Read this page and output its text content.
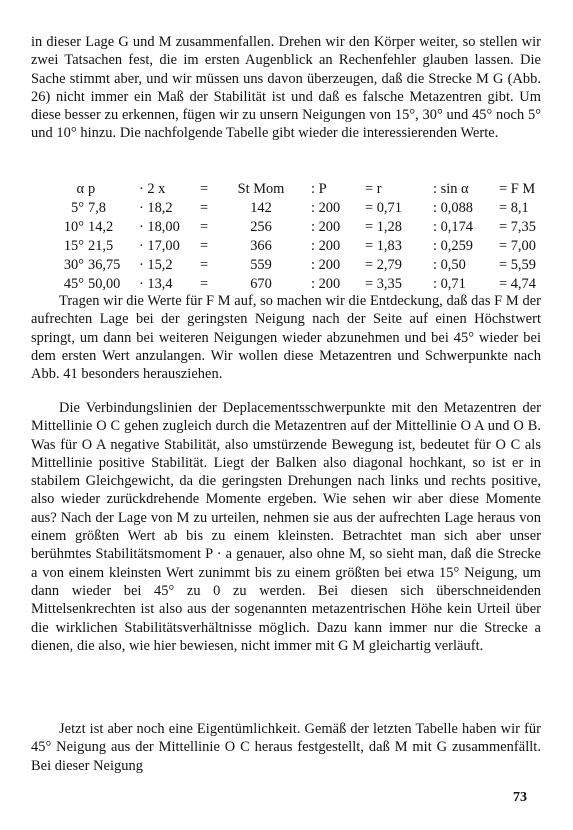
in dieser Lage G und M zusammenfallen. Drehen wir den Körper weiter, so stellen wir zwei Tatsachen fest, die im ersten Augenblick an Rechenfehler glauben lassen. Die Sache stimmt aber, und wir müssen uns davon überzeugen, daß die Strecke M G (Abb. 26) nicht immer ein Maß der Stabilität ist und daß es falsche Metazentren gibt. Um diese besser zu erkennen, fügen wir zu unsern Neigungen von 15°, 30° und 45° noch 5° und 10° hinzu. Die nachfolgende Tabelle gibt wieder die interessierenden Werte.

α p	· 2 x	=	St Mom	: P	= r	: sin α	= F M
5° 7,8	· 18,2	=	142	: 200	= 0,71	: 0,088	= 8,1
10° 14,2	· 18,00	=	256	: 200	= 1,28	: 0,174	= 7,35
15° 21,5	· 17,00	=	366	: 200	= 1,83	: 0,259	= 7,00
30° 36,75	· 15,2	=	559	: 200	= 2,79	: 0,50	= 5,59
45° 50,00	· 13,4	=	670	: 200	= 3,35	: 0,71	= 4,74

Tragen wir die Werte für F M auf, so machen wir die Entdeckung, daß das F M der aufrechten Lage bei der geringsten Neigung nach der Seite auf einen Höchstwert springt, um dann bei weiteren Neigungen wieder abzunehmen und bei 45° wieder bei dem ersten Wert anzulangen. Wir wollen diese Metazentren und Schwerpunkte nach Abb. 41 besonders herausziehen.

Die Verbindungslinien der Deplacementsschwerpunkte mit den Metazentren der Mittellinie O C gehen zugleich durch die Metazentren auf der Mittellinie O A und O B. Was für O A negative Stabilität, also umstürzende Bewegung ist, bedeutet für O C als Mittellinie positive Stabilität. Liegt der Balken also diagonal hochkant, so ist er in stabilem Gleichgewicht, da die geringsten Drehungen nach links und rechts positive, also wieder zurückdrehende Momente ergeben. Wie sehen wir aber diese Momente aus? Nach der Lage von M zu urteilen, nehmen sie aus der aufrechten Lage heraus von einem größten Wert ab bis zu einem kleinsten. Betrachtet man sich aber unser berühmtes Stabilitätsmoment P · a genauer, also ohne M, so sieht man, daß die Strecke a von einem kleinsten Wert zunimmt bis zu einem größten bei etwa 15° Neigung, um dann wieder bei 45° zu 0 zu werden. Bei diesen sich überschneidenden Mittelsenkrechten ist also aus der sogenannten metazentrischen Höhe kein Urteil über die wirklichen Stabilitätsverhältnisse möglich. Dazu kann immer nur die Strecke a dienen, die also, wie hier bewiesen, nicht immer mit G M gleichartig verläuft.

Jetzt ist aber noch eine Eigentümlichkeit. Gemäß der letzten Tabelle haben wir für 45° Neigung aus der Mittellinie O C heraus festgestellt, daß M mit G zusammenfällt. Bei dieser Neigung

73
